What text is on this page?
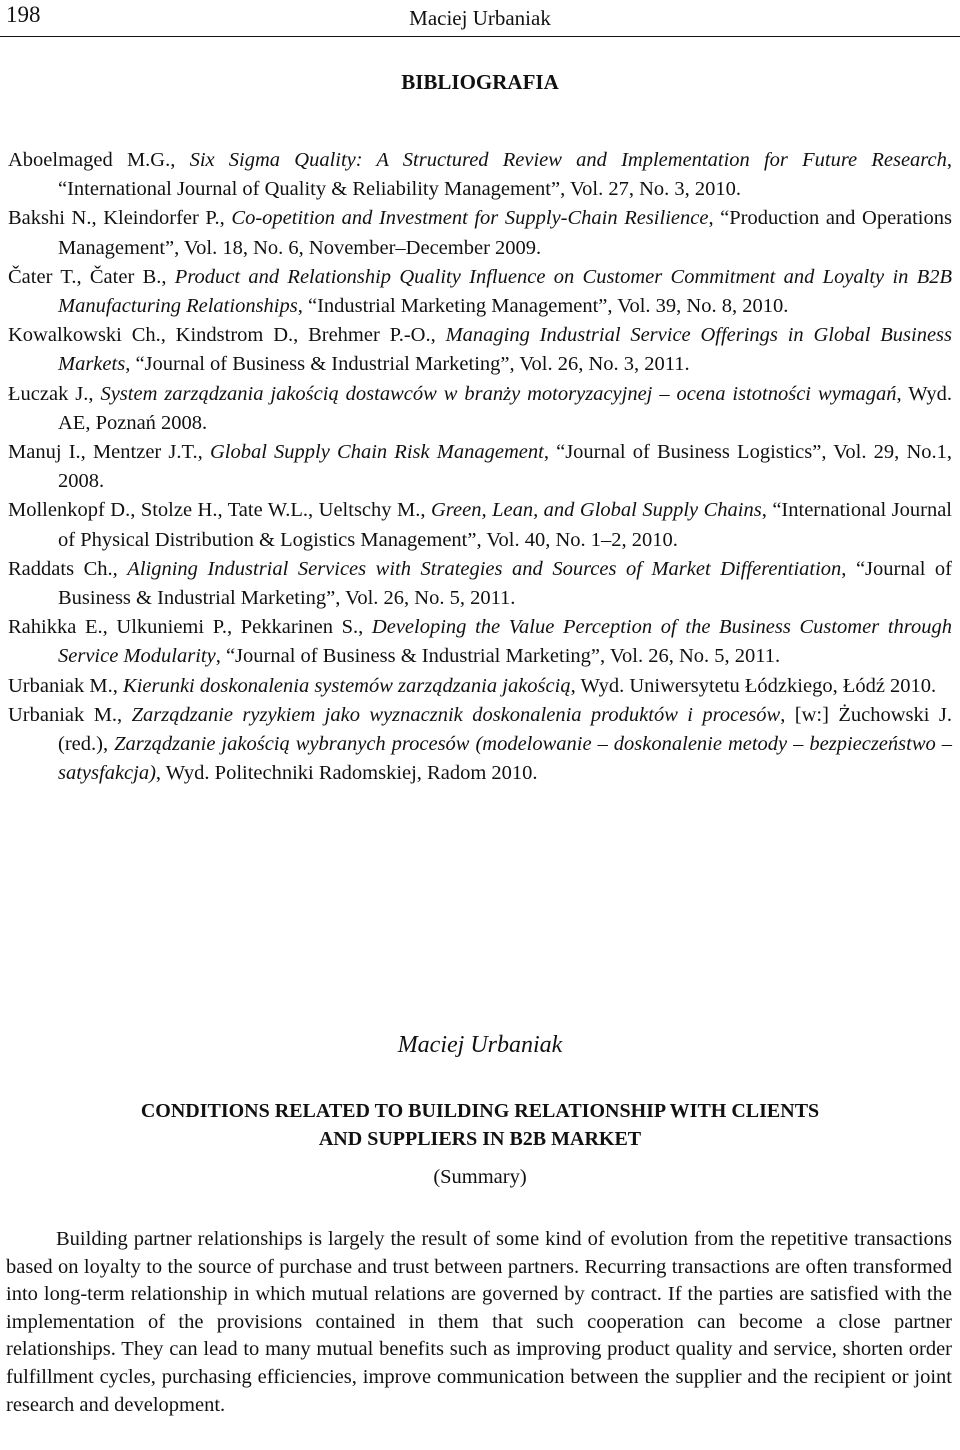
198	Maciej Urbaniak
BIBLIOGRAFIA
Aboelmaged M.G., Six Sigma Quality: A Structured Review and Implementation for Future Research, “International Journal of Quality & Reliability Management”, Vol. 27, No. 3, 2010.
Bakshi N., Kleindorfer P., Co-opetition and Investment for Supply-Chain Resilience, “Production and Operations Management”, Vol. 18, No. 6, November–December 2009.
Čater T., Čater B., Product and Relationship Quality Influence on Customer Commitment and Loyalty in B2B Manufacturing Relationships, “Industrial Marketing Management”, Vol. 39, No. 8, 2010.
Kowalkowski Ch., Kindstrom D., Brehmer P.-O., Managing Industrial Service Offerings in Global Business Markets, “Journal of Business & Industrial Marketing”, Vol. 26, No. 3, 2011.
Łuczak J., System zarządzania jakością dostawców w branży motoryzacyjnej – ocena istotności wymagań, Wyd. AE, Poznań 2008.
Manuj I., Mentzer J.T., Global Supply Chain Risk Management, “Journal of Business Logistics”, Vol. 29, No.1, 2008.
Mollenkopf D., Stolze H., Tate W.L., Ueltschy M., Green, Lean, and Global Supply Chains, “International Journal of Physical Distribution & Logistics Management”, Vol. 40, No. 1–2, 2010.
Raddats Ch., Aligning Industrial Services with Strategies and Sources of Market Differentiation, “Journal of Business & Industrial Marketing”, Vol. 26, No. 5, 2011.
Rahikka E., Ulkuniemi P., Pekkarinen S., Developing the Value Perception of the Business Customer through Service Modularity, “Journal of Business & Industrial Marketing”, Vol. 26, No. 5, 2011.
Urbaniak M., Kierunki doskonalenia systemów zarządzania jakością, Wyd. Uniwersytetu Łódzkiego, Łódź 2010.
Urbaniak M., Zarządzanie ryzykiem jako wyznacznik doskonalenia produktów i procesów, [w:] Żuchowski J. (red.), Zarządzanie jakością wybranych procesów (modelowanie – doskonalenie metody – bezpieczeństwo – satysfakcja), Wyd. Politechniki Radomskiej, Radom 2010.
Maciej Urbaniak
CONDITIONS RELATED TO BUILDING RELATIONSHIP WITH CLIENTS
AND SUPPLIERS IN B2B MARKET
(Summary)

Building partner relationships is largely the result of some kind of evolution from the repetitive transactions based on loyalty to the source of purchase and trust between partners. Recurring transactions are often transformed into long-term relationship in which mutual relations are governed by contract. If the parties are satisfied with the implementation of the provisions contained in them that such cooperation can become a close partner relationships. They can lead to many mutual benefits such as improving product quality and service, shorten order fulfillment cycles, purchasing efficiencies, improve communication between the supplier and the recipient or joint research and development.
